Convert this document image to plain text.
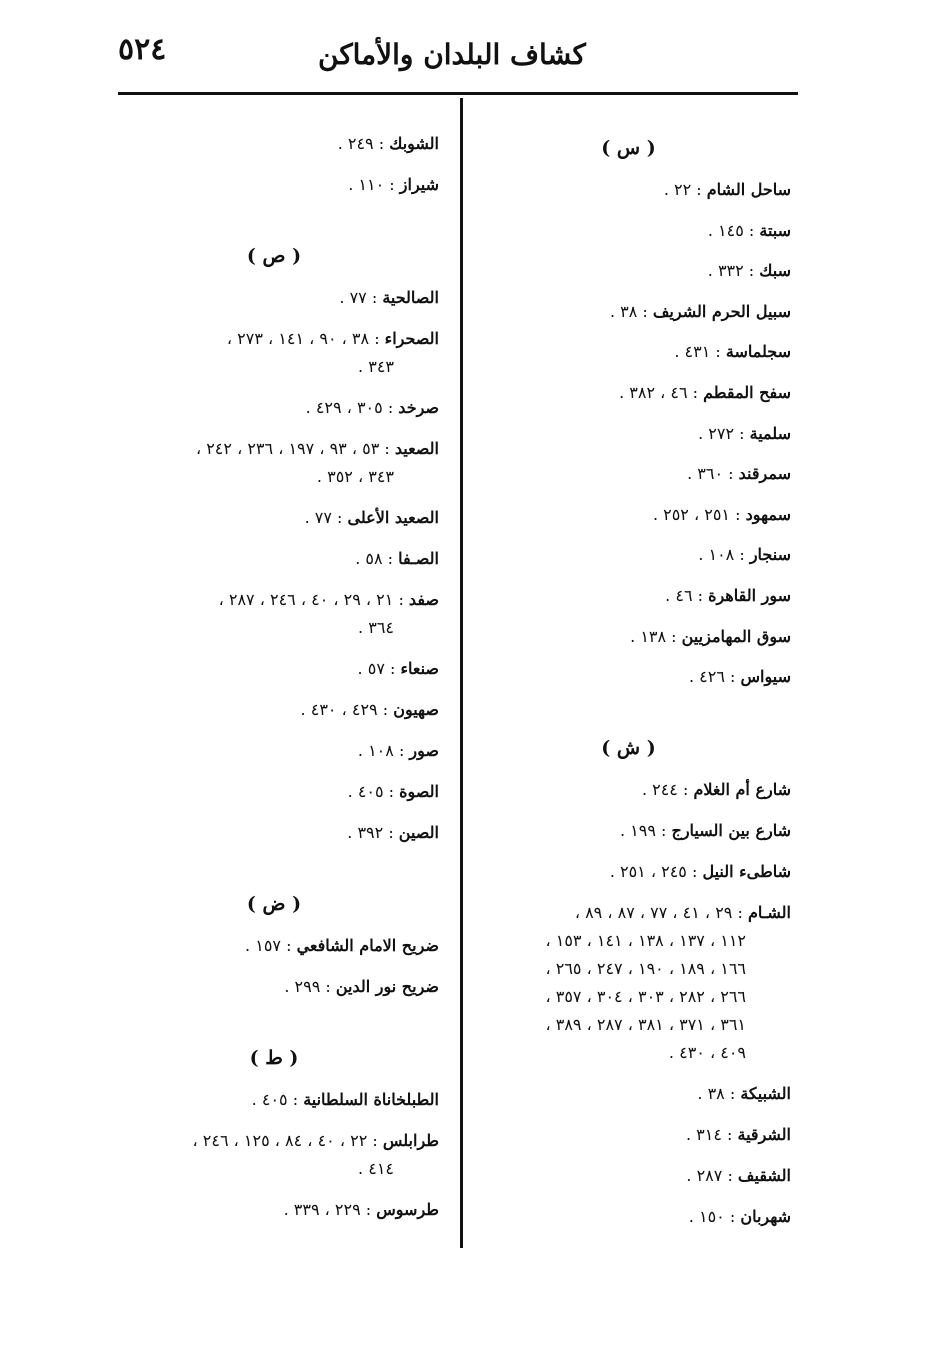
٥٢٤	كشاف البلدان والأماكن
( س )
ساحل الشام : ٢٢ .
سبتة : ١٤٥ .
سبك : ٣٣٢ .
سبيل الحرم الشريف : ٣٨ .
سجلماسة : ٤٣١ .
سفح المقطم : ٤٦ ، ٣٨٢ .
سلمية : ٢٧٢ .
سمرقند : ٣٦٠ .
سمهود : ٢٥١ ، ٢٥٢ .
سنجار : ١٠٨ .
سور القاهرة : ٤٦ .
سوق المهامزيين : ١٣٨ .
سيواس : ٤٢٦ .
( ش )
شارع أم الغلام : ٢٤٤ .
شارع بين السيارج : ١٩٩ .
شاطىء النيل : ٢٤٥ ، ٢٥١ .
الشـام : ٢٩ ، ٤١ ، ٧٧ ، ٨٧ ، ٨٩ ،
١١٢ ، ١٣٧ ، ١٣٨ ، ١٤١ ، ١٥٣ ،
١٦٦ ، ١٨٩ ، ١٩٠ ، ٢٤٧ ، ٢٦٥ ،
٢٦٦ ، ٢٨٢ ، ٣٠٣ ، ٣٠٤ ، ٣٥٧ ،
٣٦١ ، ٣٧١ ، ٣٨١ ، ٢٨٧ ، ٣٨٩ ،
٤٠٩ ، ٤٣٠ .
الشبيكة : ٣٨ .
الشرقية : ٣١٤ .
الشقيف : ٢٨٧ .
شهربان : ١٥٠ .
الشوبك : ٢٤٩ .
شيراز : ١١٠ .
( ص )
الصالحية : ٧٧ .
الصحراء : ٣٨ ، ٩٠ ، ١٤١ ، ٢٧٣ ،
٣٤٣ .
صرخد : ٣٠٥ ، ٤٢٩ .
الصعيد : ٥٣ ، ٩٣ ، ١٩٧ ، ٢٣٦ ، ٢٤٢ ،
٣٤٣ ، ٣٥٢ .
الصعيد الأعلى : ٧٧ .
الصـفا : ٥٨ .
صفد : ٢١ ، ٢٩ ، ٤٠ ، ٢٤٦ ، ٢٨٧ ،
٣٦٤ .
صنعاء : ٥٧ .
صهيون : ٤٢٩ ، ٤٣٠ .
صور : ١٠٨ .
الصوة : ٤٠٥ .
الصين : ٣٩٢ .
( ض )
ضريح الامام الشافعي : ١٥٧ .
ضريح نور الدين : ٢٩٩ .
( ط )
الطبلخاناة السلطانية : ٤٠٥ .
طرابلس : ٢٢ ، ٤٠ ، ٨٤ ، ١٢٥ ، ٢٤٦ ،
٤١٤ .
طرسوس : ٢٢٩ ، ٣٣٩ .
